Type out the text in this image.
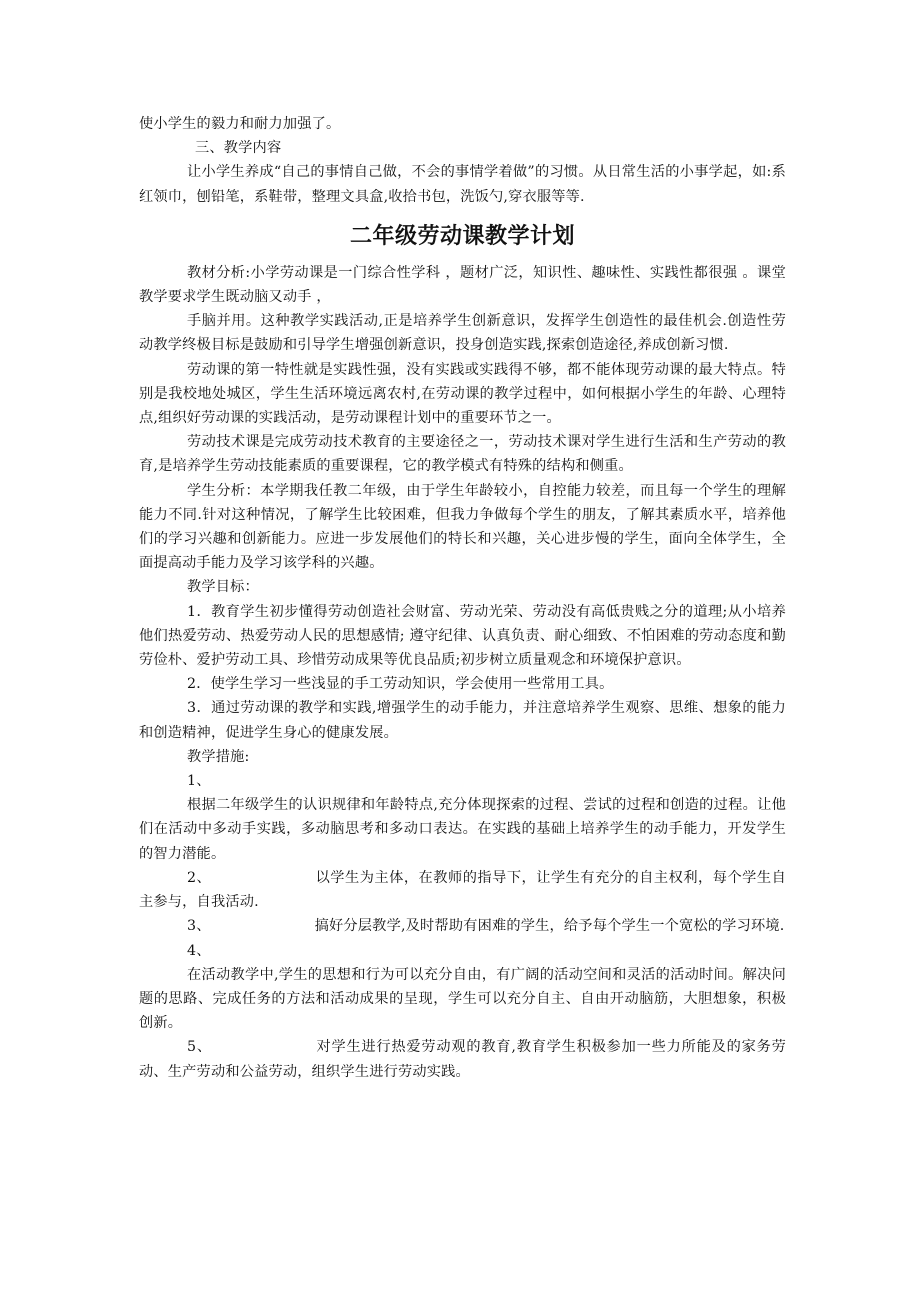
使小学生的毅力和耐力加强了。

三、教学内容

让小学生养成“自己的事情自己做，不会的事情学着做”的习惯。从日常生活的小事学起，如:系红领巾，刨铅笔，系鞋带，整理文具盒,收拾书包，洗饭勺,穿衣服等等.

二年级劳动课教学计划

教材分析:小学劳动课是一门综合性学科 ，题材广泛，知识性、趣味性、实践性都很强 。课堂教学要求学生既动脑又动手 ，

手脑并用。这种教学实践活动,正是培养学生创新意识，发挥学生创造性的最佳机会.创造性劳动教学终极目标是鼓励和引导学生增强创新意识，投身创造实践,探索创造途径,养成创新习惯.

劳动课的第一特性就是实践性强，没有实践或实践得不够，都不能体现劳动课的最大特点。特别是我校地处城区，学生生活环境远离农村,在劳动课的教学过程中，如何根据小学生的年龄、心理特点,组织好劳动课的实践活动，是劳动课程计划中的重要环节之一。

劳动技术课是完成劳动技术教育的主要途径之一，劳动技术课对学生进行生活和生产劳动的教育,是培养学生劳动技能素质的重要课程，它的教学模式有特殊的结构和侧重。

学生分析：本学期我任教二年级，由于学生年龄较小，自控能力较差，而且每一个学生的理解能力不同.针对这种情况，了解学生比较困难，但我力争做每个学生的朋友，了解其素质水平，培养他们的学习兴趣和创新能力。应进一步发展他们的特长和兴趣，关心进步慢的学生，面向全体学生，全面提高动手能力及学习该学科的兴趣。

教学目标：

1．教育学生初步懂得劳动创造社会财富、劳动光荣、劳动没有高低贵贱之分的道理;从小培养他们热爱劳动、热爱劳动人民的思想感情; 遵守纪律、认真负责、耐心细致、不怕困难的劳动态度和勤劳俭朴、爱护劳动工具、珍惜劳动成果等优良品质;初步树立质量观念和环境保护意识。

2．使学生学习一些浅显的手工劳动知识，学会使用一些常用工具。

3．通过劳动课的教学和实践,增强学生的动手能力，并注意培养学生观察、思维、想象的能力和创造精神，促进学生身心的健康发展。

教学措施:

1、

根据二年级学生的认识规律和年龄特点,充分体现探索的过程、尝试的过程和创造的过程。让他们在活动中多动手实践，多动脑思考和多动口表达。在实践的基础上培养学生的动手能力，开发学生的智力潜能。

2、	以学生为主体，在教师的指导下，让学生有充分的自主权利，每个学生自主参与，自我活动.

3、	搞好分层教学,及时帮助有困难的学生，给予每个学生一个宽松的学习环境.

4、

在活动教学中,学生的思想和行为可以充分自由，有广阔的活动空间和灵活的活动时间。解决问题的思路、完成任务的方法和活动成果的呈现，学生可以充分自主、自由开动脑筋，大胆想象，积极创新。

5、	对学生进行热爱劳动观的教育,教育学生积极参加一些力所能及的家务劳动、生产劳动和公益劳动，组织学生进行劳动实践。
